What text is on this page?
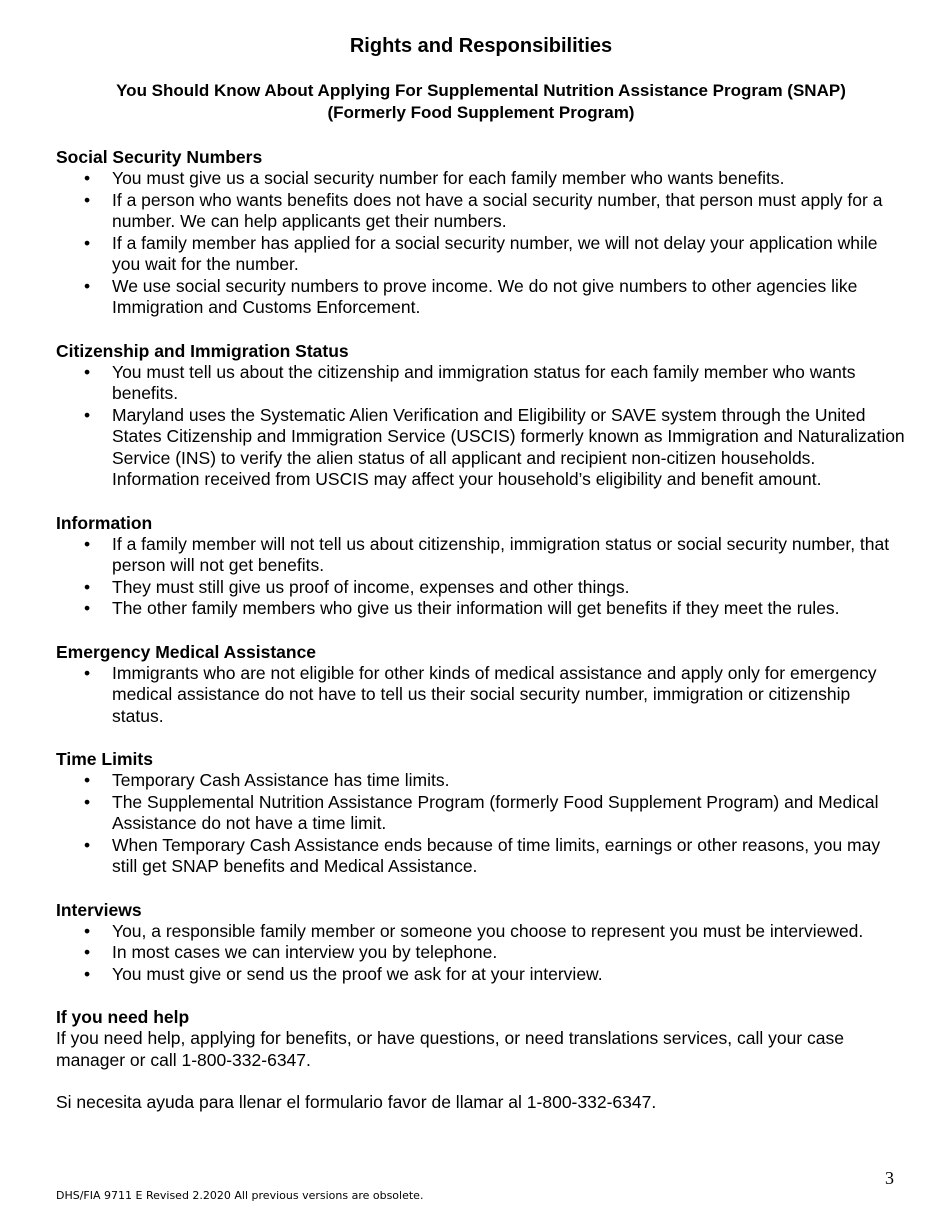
Rights and Responsibilities
You Should Know About Applying For Supplemental Nutrition Assistance Program (SNAP)
(Formerly Food Supplement Program)
Social Security Numbers
• You must give us a social security number for each family member who wants benefits.
• If a person who wants benefits does not have a social security number, that person must apply for a number. We can help applicants get their numbers.
• If a family member has applied for a social security number, we will not delay your application while you wait for the number.
• We use social security numbers to prove income. We do not give numbers to other agencies like Immigration and Customs Enforcement.
Citizenship and Immigration Status
• You must tell us about the citizenship and immigration status for each family member who wants benefits.
• Maryland uses the Systematic Alien Verification and Eligibility or SAVE system through the United States Citizenship and Immigration Service (USCIS) formerly known as Immigration and Naturalization Service (INS) to verify the alien status of all applicant and recipient non-citizen households. Information received from USCIS may affect your household’s eligibility and benefit amount.
Information
• If a family member will not tell us about citizenship, immigration status or social security number, that person will not get benefits.
• They must still give us proof of income, expenses and other things.
• The other family members who give us their information will get benefits if they meet the rules.
Emergency Medical Assistance
• Immigrants who are not eligible for other kinds of medical assistance and apply only for emergency medical assistance do not have to tell us their social security number, immigration or citizenship status.
Time Limits
• Temporary Cash Assistance has time limits.
• The Supplemental Nutrition Assistance Program (formerly Food Supplement Program) and Medical Assistance do not have a time limit.
• When Temporary Cash Assistance ends because of time limits, earnings or other reasons, you may still get SNAP benefits and Medical Assistance.
Interviews
• You, a responsible family member or someone you choose to represent you must be interviewed.
• In most cases we can interview you by telephone.
• You must give or send us the proof we ask for at your interview.
If you need help

If you need help, applying for benefits, or have questions, or need translations services, call your case manager or call 1-800-332-6347.

Si necesita ayuda para llenar el formulario favor de llamar al 1-800-332-6347.

3
DHS/FIA 9711 E Revised 2.2020 All previous versions are obsolete.
